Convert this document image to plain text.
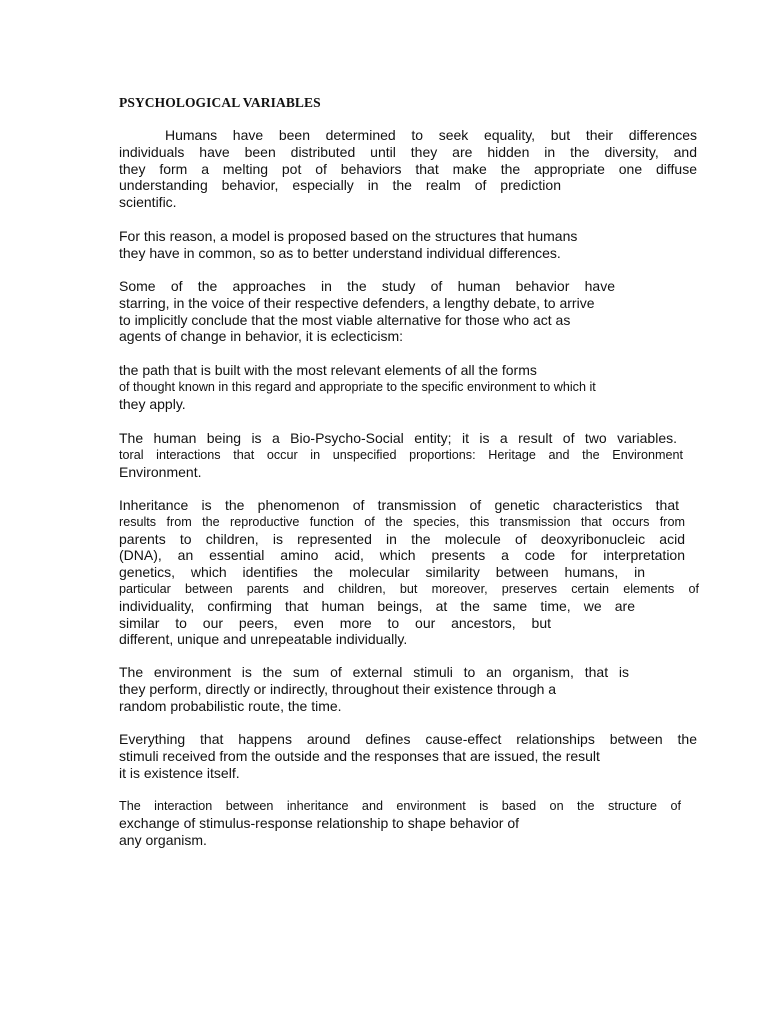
PSYCHOLOGICAL VARIABLES
Humans have been determined to seek equality, but their differences
individuals have been distributed until they are hidden in the diversity, and
they form a melting pot of behaviors that make the appropriate one diffuse
understanding behavior, especially in the realm of prediction
scientific.
For this reason, a model is proposed based on the structures that humans
they have in common, so as to better understand individual differences.
Some of the approaches in the study of human behavior have
starring, in the voice of their respective defenders, a lengthy debate, to arrive
to implicitly conclude that the most viable alternative for those who act as
agents of change in behavior, it is eclecticism:
the path that is built with the most relevant elements of all the forms
of thought known in this regard and appropriate to the specific environment to which it
they apply.
The human being is a Bio-Psycho-Social entity; it is a result of two variables.
toral interactions that occur in unspecified proportions: Heritage and the Environment
Environment.
Inheritance is the phenomenon of transmission of genetic characteristics that
results from the reproductive function of the species, this transmission that occurs from
parents to children, is represented in the molecule of deoxyribonucleic acid
(DNA), an essential amino acid, which presents a code for interpretation
genetics, which identifies the molecular similarity between humans, in
particular between parents and children, but moreover, preserves certain elements of
individuality, confirming that human beings, at the same time, we are
similar to our peers, even more to our ancestors, but
different, unique and unrepeatable individually.
The environment is the sum of external stimuli to an organism, that is
they perform, directly or indirectly, throughout their existence through a
random probabilistic route, the time.
Everything that happens around defines cause-effect relationships between the
stimuli received from the outside and the responses that are issued, the result
it is existence itself.
The interaction between inheritance and environment is based on the structure of
exchange of stimulus-response relationship to shape behavior of
any organism.
